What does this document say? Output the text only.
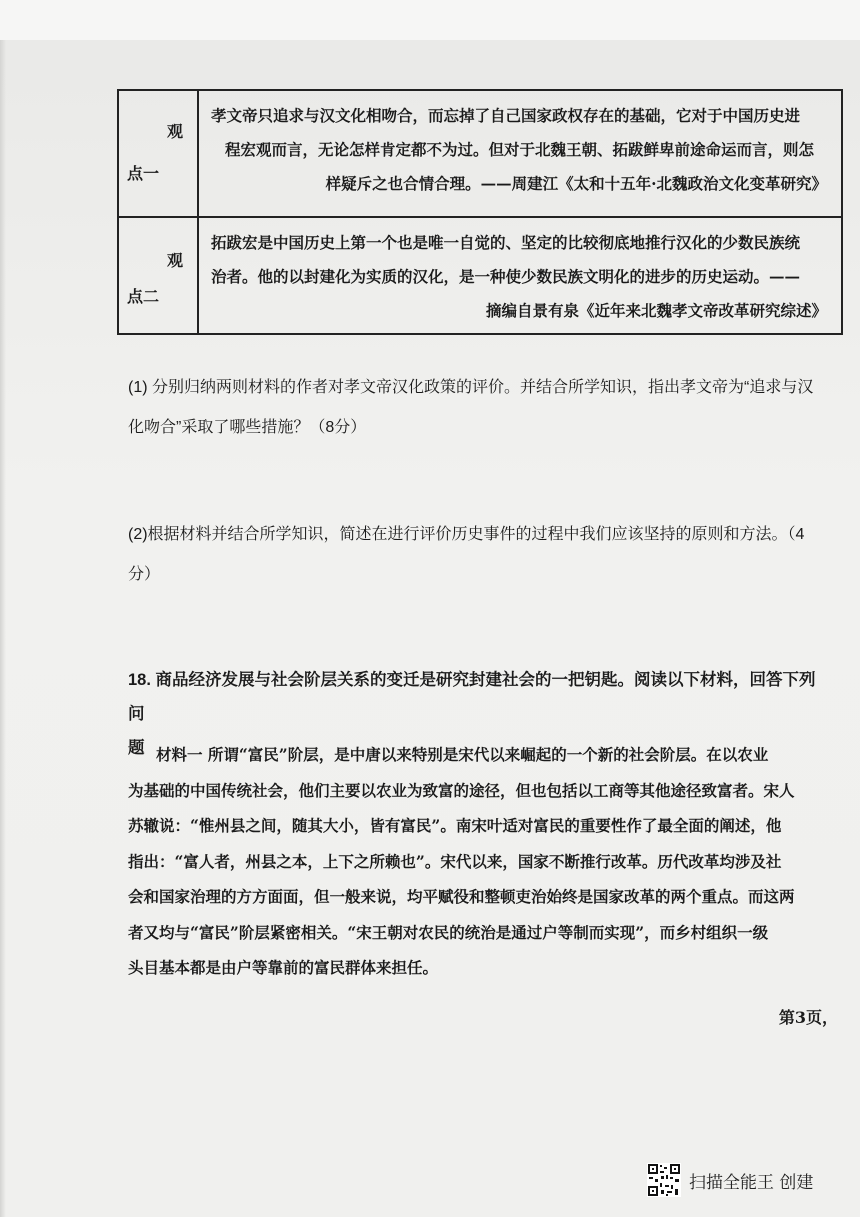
观
点一
孝文帝只追求与汉文化相吻合，而忘掉了自己国家政权存在的基础，它对于中国历史进
程宏观而言，无论怎样肯定都不为过。但对于北魏王朝、拓跋鲜卑前途命运而言，则怎
样疑斥之也合情合理。——周建江《太和十五年·北魏政治文化变革研究》
观
点二
拓跋宏是中国历史上第一个也是唯一自觉的、坚定的比较彻底地推行汉化的少数民族统
治者。他的以封建化为实质的汉化，是一种使少数民族文明化的进步的历史运动。——
摘编自景有泉《近年来北魏孝文帝改革研究综述》
(1) 分别归纳两则材料的作者对孝文帝汉化政策的评价。并结合所学知识，指出孝文帝为“追求与汉
化吻合”采取了哪些措施？（8分）
(2)根据材料并结合所学知识，简述在进行评价历史事件的过程中我们应该坚持的原则和方法。（4
分）
18. 商品经济发展与社会阶层关系的变迁是研究封建社会的一把钥匙。阅读以下材料，回答下列问
题 材料一 所谓“富民”阶层，是中唐以来特别是宋代以来崛起的一个新的社会阶层。在以农业
为基础的中国传统社会，他们主要以农业为致富的途径，但也包括以工商等其他途径致富者。宋人
苏辙说：“惟州县之间，随其大小，皆有富民”。南宋叶适对富民的重要性作了最全面的阐述，他
指出：“富人者，州县之本，上下之所赖也”。宋代以来，国家不断推行改革。历代改革均涉及社
会和国家治理的方方面面，但一般来说，均平赋役和整顿吏治始终是国家改革的两个重点。而这两
者又均与“富民”阶层紧密相关。“宋王朝对农民的统治是通过户等制而实现”，而乡村组织一级
头目基本都是由户等靠前的富民群体来担任。
第3页，
扫描全能王 创建
